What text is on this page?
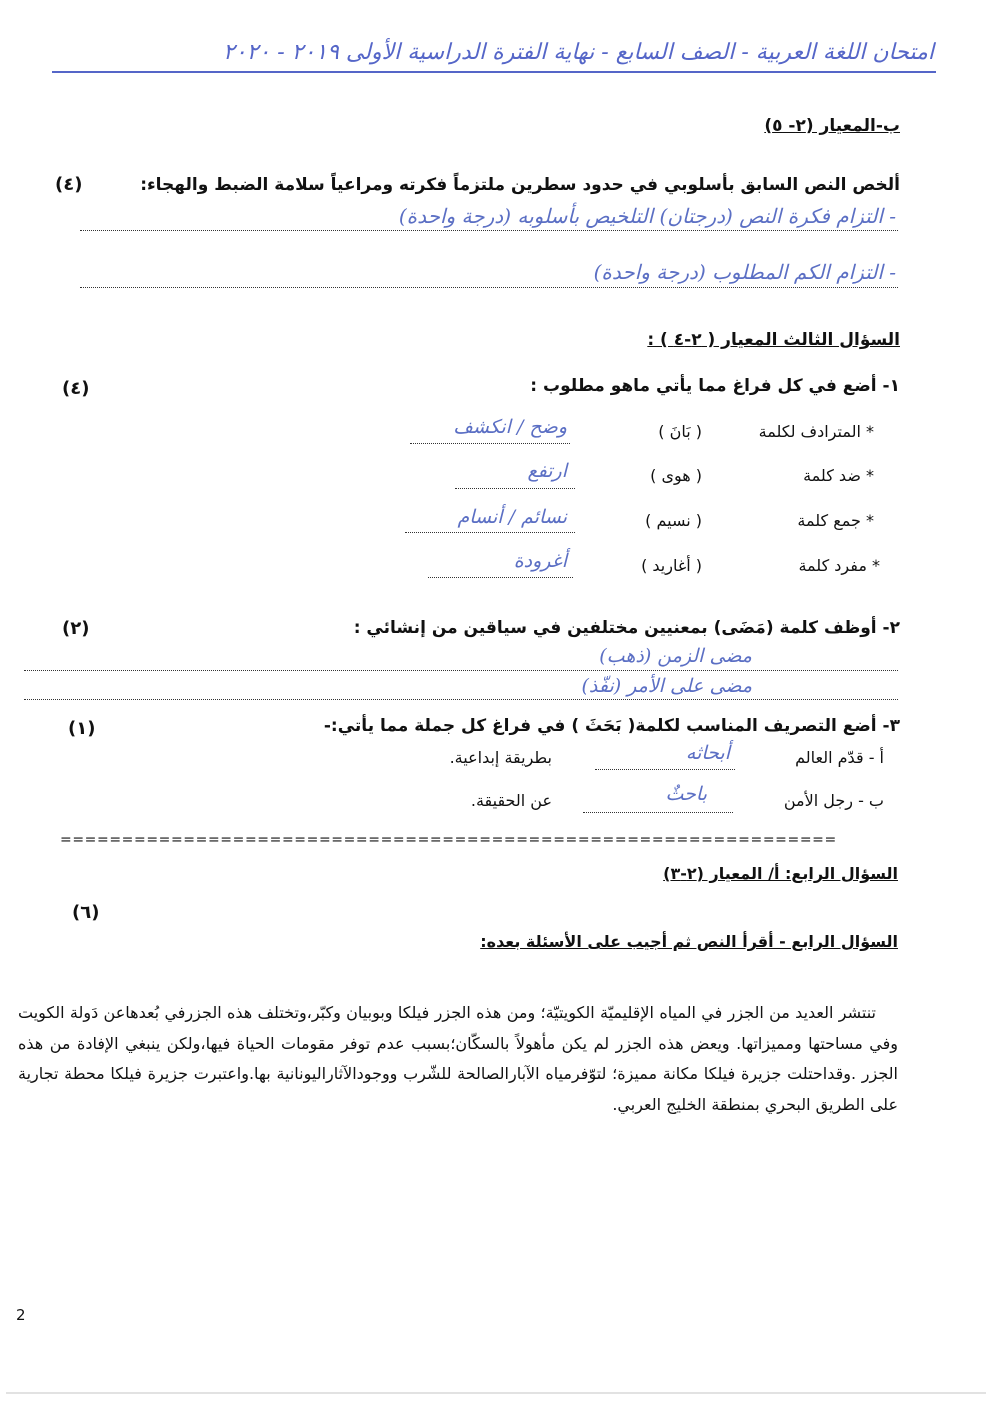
امتحان اللغة العربية - الصف السابع - نهاية الفترة الدراسية الأولى ٢٠١٩ - ٢٠٢٠
ب-المعيار (٢- ٥)
ألخص النص السابق بأسلوبي في حدود سطرين ملتزماً فكرته ومراعياً سلامة الضبط والهجاء:
(٤)
- التزام فكرة النص (درجتان) التلخيص بأسلوبه (درجة واحدة)
- التزام الكم المطلوب (درجة واحدة)
السؤال الثالث المعيار ( ٢-٤ ) :
١- أضع في كل فراغ مما يأتي ماهو مطلوب :
(٤)
* المترادف لكلمة
( بَانَ )
وضح / انكشف
* ضد كلمة
( هوى )
ارتفع
* جمع كلمة
( نسيم )
نسائم / أنسام
* مفرد كلمة
( أغاريد )
أغرودة
٢- أوظف كلمة (مَضَى) بمعنيين مختلفين في سياقين من إنشائي :
(٢)
مضى الزمن (ذهب)
مضى على الأمر (نفّذ)
٣- أضع التصريف المناسب لكلمة( بَحَثَ ) في فراغ كل جملة مما يأتي:-
(١)
أ - قدّم العالم
أبحاثه
بطريقة إبداعية.
ب - رجل الأمن
باحثٌ
عن الحقيقة.
===============================================================
السؤال الرابع: أ/ المعيار (٢-٣)
(٦)
السؤال الرابع - أقرأ النص ثم أجيب على الأسئلة بعده:
تنتشر العديد من الجزر في المياه الإقليميّة الكويتيّة؛ ومن هذه الجزر فيلكا وبوبيان وكبّر،وتختلف هذه الجزرفي بُعدهاعن دَولة الكويت وفي مساحتها ومميزاتها. ويعض هذه الجزر لم يكن مأهولاً بالسكّان؛بسبب عدم توفر مقومات الحياة فيها،ولكن ينبغي الإفادة من هذه الجزر .وقداحتلت جزيرة فيلكا مكانة مميزة؛ لتوّفرمياه الآبارالصالحة للشّرب ووجودالآثاراليونانية بها.واعتبرت جزيرة فيلكا محطة تجارية على الطريق البحري بمنطقة الخليج العربي.
2
